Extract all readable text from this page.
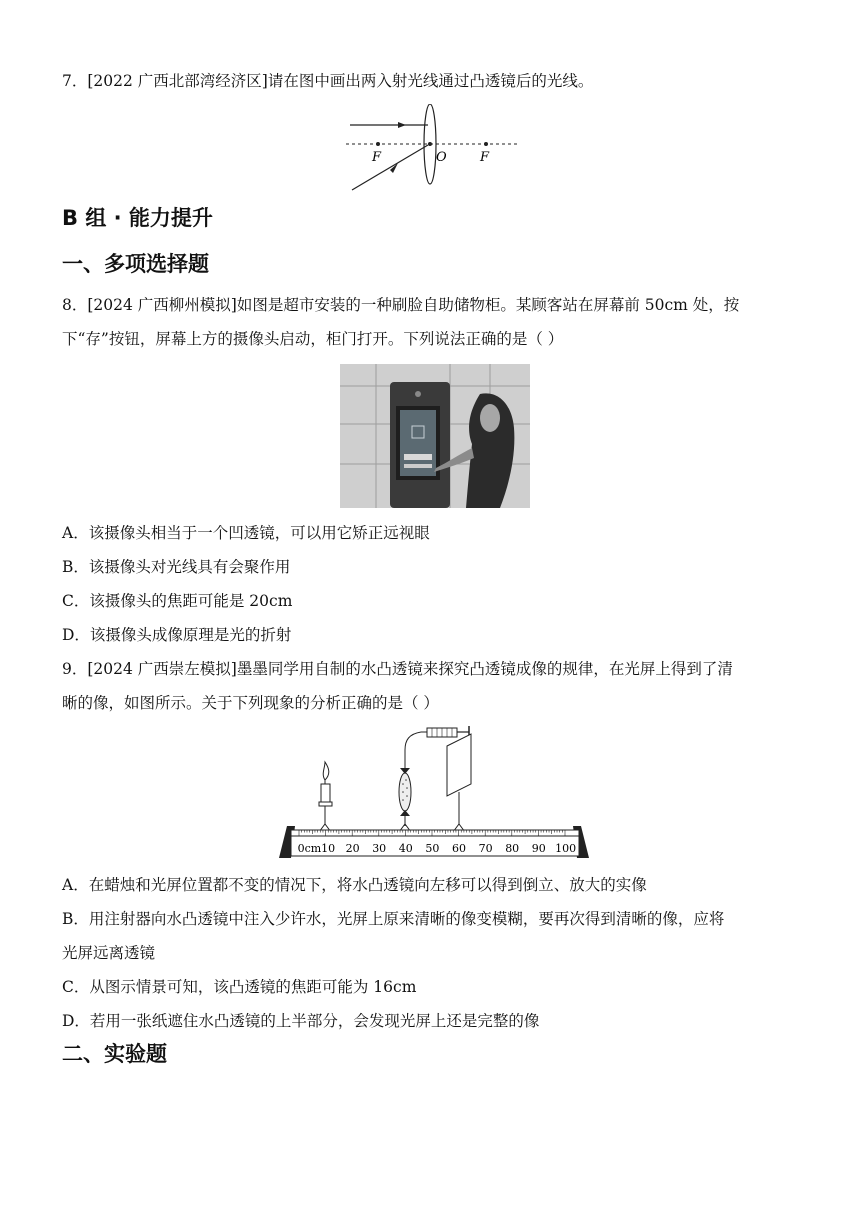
7．[2022 广西北部湾经济区]请在图中画出两入射光线通过凸透镜后的光线。
F	O	F
B 组 · 能力提升
一、多项选择题
8．[2024 广西柳州模拟]如图是超市安装的一种刷脸自助储物柜。某顾客站在屏幕前 50cm 处，按
下“存”按钮，屏幕上方的摄像头启动，柜门打开。下列说法正确的是（ ）
A．该摄像头相当于一个凹透镜，可以用它矫正远视眼
B．该摄像头对光线具有会聚作用
C．该摄像头的焦距可能是 20cm
D．该摄像头成像原理是光的折射
9．[2024 广西崇左模拟]墨墨同学用自制的水凸透镜来探究凸透镜成像的规律，在光屏上得到了清
晰的像，如图所示。关于下列现象的分析正确的是（ ）
0cm10 20 30 40 50 60 70 80 90 100
A．在蜡烛和光屏位置都不变的情况下，将水凸透镜向左移可以得到倒立、放大的实像
B．用注射器向水凸透镜中注入少许水，光屏上原来清晰的像变模糊，要再次得到清晰的像，应将
光屏远离透镜
C．从图示情景可知，该凸透镜的焦距可能为 16cm
D．若用一张纸遮住水凸透镜的上半部分，会发现光屏上还是完整的像
二、实验题
